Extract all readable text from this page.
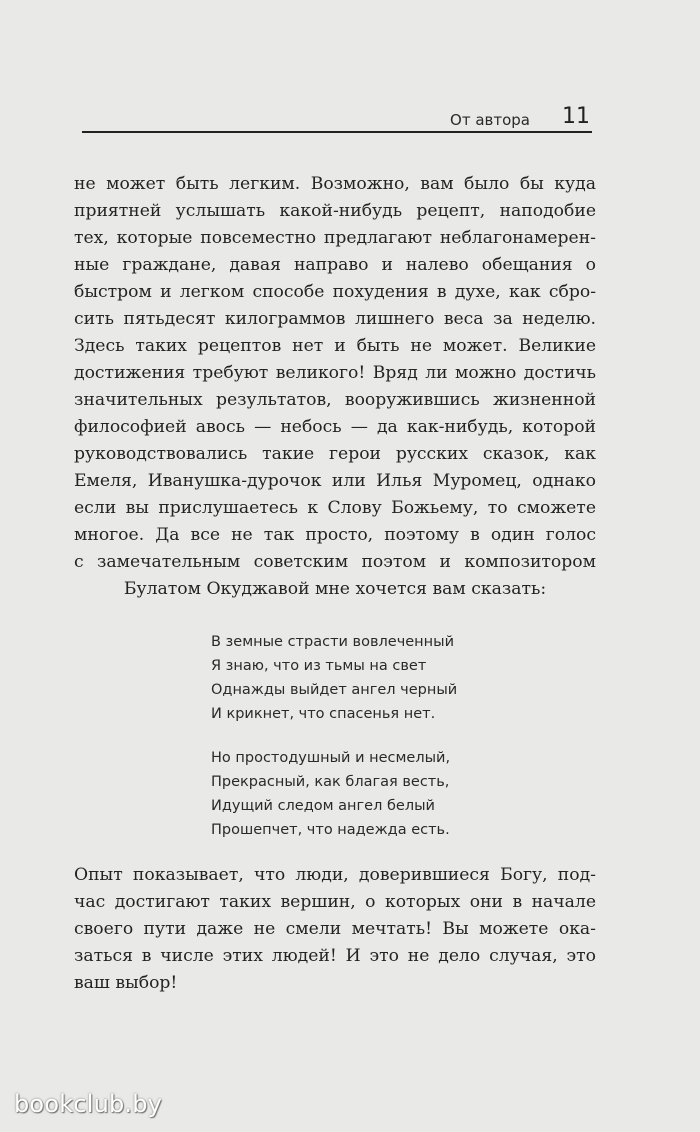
От автора 11
не может быть легким. Возможно, вам было бы куда
приятней услышать какой-нибудь рецепт, наподобие
тех, которые повсеместно предлагают неблагонамерен-
ные граждане, давая направо и налево обещания о
быстром и легком способе похудения в духе, как сбро-
сить пятьдесят килограммов лишнего веса за неделю.
Здесь таких рецептов нет и быть не может. Великие
достижения требуют великого! Вряд ли можно достичь
значительных результатов, вооружившись жизненной
философией авось — небось — да как-нибудь, которой
руководствовались такие герои русских сказок, как
Емеля, Иванушка-дурочок или Илья Муромец, однако
если вы прислушаетесь к Слову Божьему, то сможете
многое. Да все не так просто, поэтому в один голос
с замечательным советским поэтом и композитором
Булатом Окуджавой мне хочется вам сказать:
В земные страсти вовлеченный
Я знаю, что из тьмы на свет
Однажды выйдет ангел черный
И крикнет, что спасенья нет.
Но простодушный и несмелый,
Прекрасный, как благая весть,
Идущий следом ангел белый
Прошепчет, что надежда есть.
Опыт показывает, что люди, доверившиеся Богу, под-
час достигают таких вершин, о которых они в начале
своего пути даже не смели мечтать! Вы можете ока-
заться в числе этих людей! И это не дело случая, это
ваш выбор!
bookclub.by
